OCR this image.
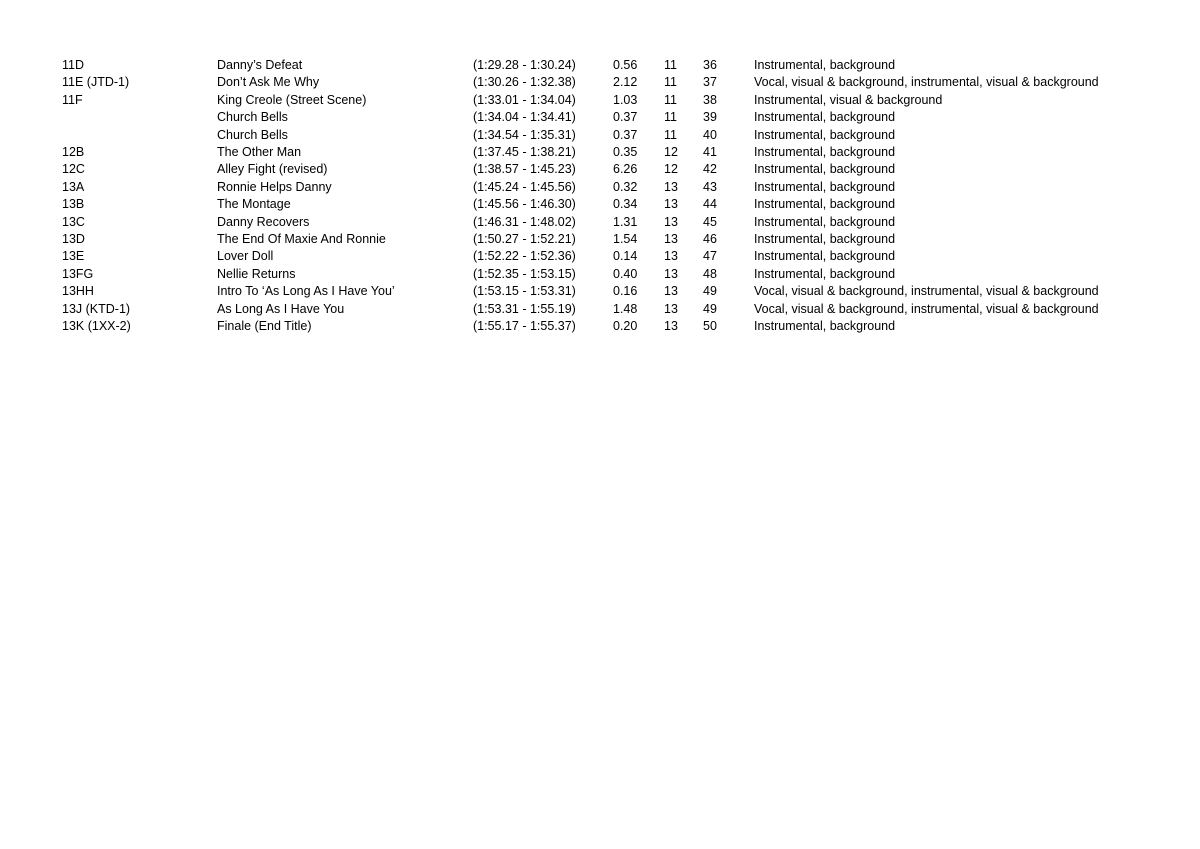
11D	Danny’s Defeat	(1:29.28 - 1:30.24)	0.56	11	36	Instrumental, background
11E (JTD-1)	Don’t Ask Me Why	(1:30.26 - 1:32.38)	2.12	11	37	Vocal, visual & background, instrumental, visual & background
11F	King Creole (Street Scene)	(1:33.01 - 1:34.04)	1.03	11	38	Instrumental, visual & background
	Church Bells	(1:34.04 - 1:34.41)	0.37	11	39	Instrumental, background
	Church Bells	(1:34.54 - 1:35.31)	0.37	11	40	Instrumental, background
12B	The Other Man	(1:37.45 - 1:38.21)	0.35	12	41	Instrumental, background
12C	Alley Fight (revised)	(1:38.57 - 1:45.23)	6.26	12	42	Instrumental, background
13A	Ronnie Helps Danny	(1:45.24 - 1:45.56)	0.32	13	43	Instrumental, background
13B	The Montage	(1:45.56 - 1:46.30)	0.34	13	44	Instrumental, background
13C	Danny Recovers	(1:46.31 - 1:48.02)	1.31	13	45	Instrumental, background
13D	The End Of Maxie And Ronnie	(1:50.27 - 1:52.21)	1.54	13	46	Instrumental, background
13E	Lover Doll	(1:52.22 - 1:52.36)	0.14	13	47	Instrumental, background
13FG	Nellie Returns	(1:52.35 - 1:53.15)	0.40	13	48	Instrumental, background
13HH	Intro To ‘As Long As I Have You’	(1:53.15 - 1:53.31)	0.16	13	49	Vocal, visual & background, instrumental, visual & background
13J (KTD-1)	As Long As I Have You	(1:53.31 - 1:55.19)	1.48	13	49	Vocal, visual & background, instrumental, visual & background
13K (1XX-2)	Finale (End Title)	(1:55.17 - 1:55.37)	0.20	13	50	Instrumental, background
